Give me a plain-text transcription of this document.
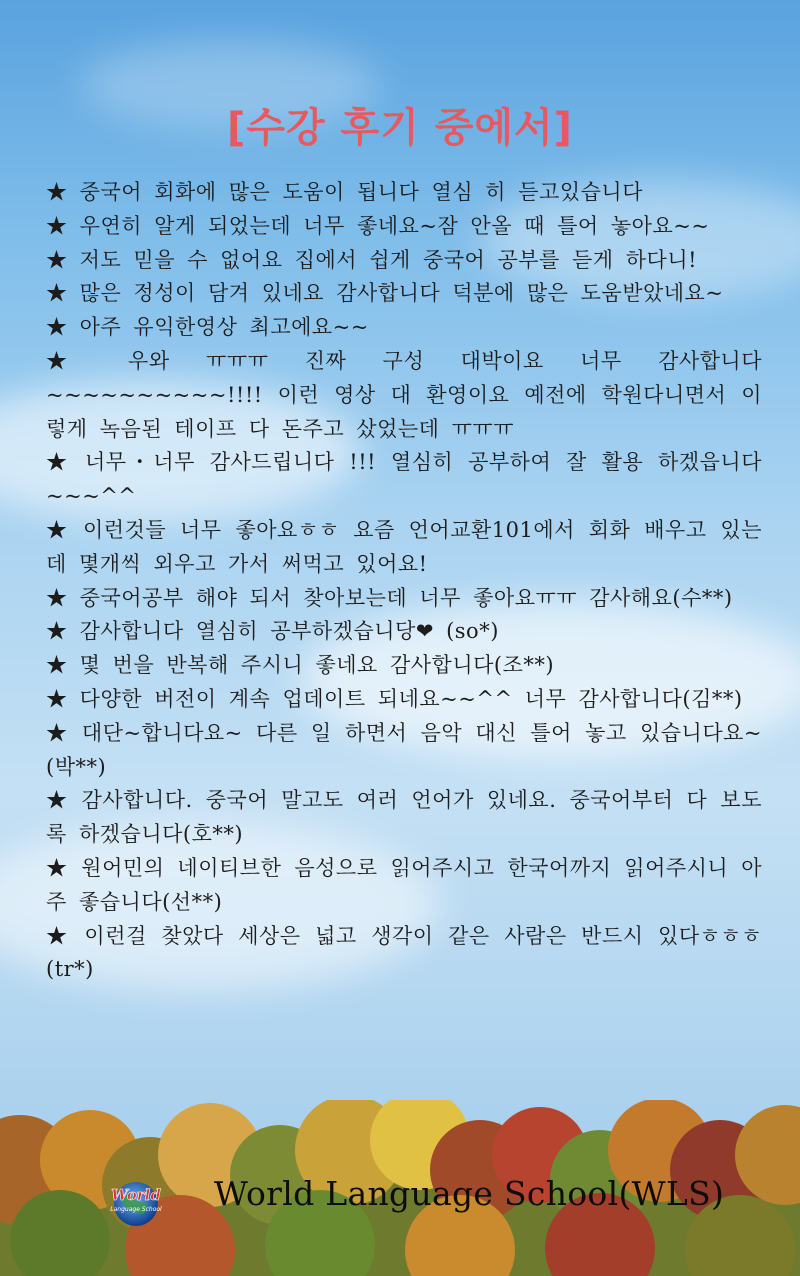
[수강 후기 중에서]

★ 중국어 회화에 많은 도움이 됩니다 열심 히 듣고있습니다

★ 우연히 알게 되었는데 너무 좋네요~잠 안올 때 틀어 놓아요~~

★ 저도 믿을 수 없어요 집에서 쉽게 중국어 공부를 듣게 하다니!

★ 많은 정성이 담겨 있네요 감사합니다 덕분에 많은 도움받았네요~

★ 아주 유익한영상 최고에요~~

★ 우와 ㅠㅠㅠ 진짜 구성 대박이요 너무 감사합니다 ~~~~~~~~~~!!!! 이런 영상 대 환영이요 예전에 학원다니면서 이렇게 녹음된 테이프 다 돈주고 샀었는데 ㅠㅠㅠ

★ 너무・너무 감사드립니다 !!! 열심히 공부하여 잘 활용 하겠읍니다~~~^^

★ 이런것들 너무 좋아요ㅎㅎ 요즘 언어교환101에서 회화 배우고 있는데 몇개씩 외우고 가서 써먹고 있어요!

★ 중국어공부 해야 되서 찾아보는데 너무 좋아요ㅠㅠ 감사해요(수**)

★ 감사합니다 열심히 공부하겠습니당❤ (so*)

★ 몇 번을 반복해 주시니 좋네요 감사합니다(조**)

★ 다양한 버전이 계속 업데이트 되네요~~^^ 너무 감사합니다(김**)

★ 대단~합니다요~ 다른 일 하면서 음악 대신 틀어 놓고 있습니다요~(박**)

★ 감사합니다. 중국어 말고도 여러 언어가 있네요. 중국어부터 다 보도록 하겠습니다(호**)

★ 원어민의 네이티브한 음성으로 읽어주시고 한국어까지 읽어주시니 아주 좋습니다(선**)

★ 이런걸 찾았다 세상은 넓고 생각이 같은 사람은 반드시 있다ㅎㅎㅎ(tr*)

World
Language School World Language School(WLS)
